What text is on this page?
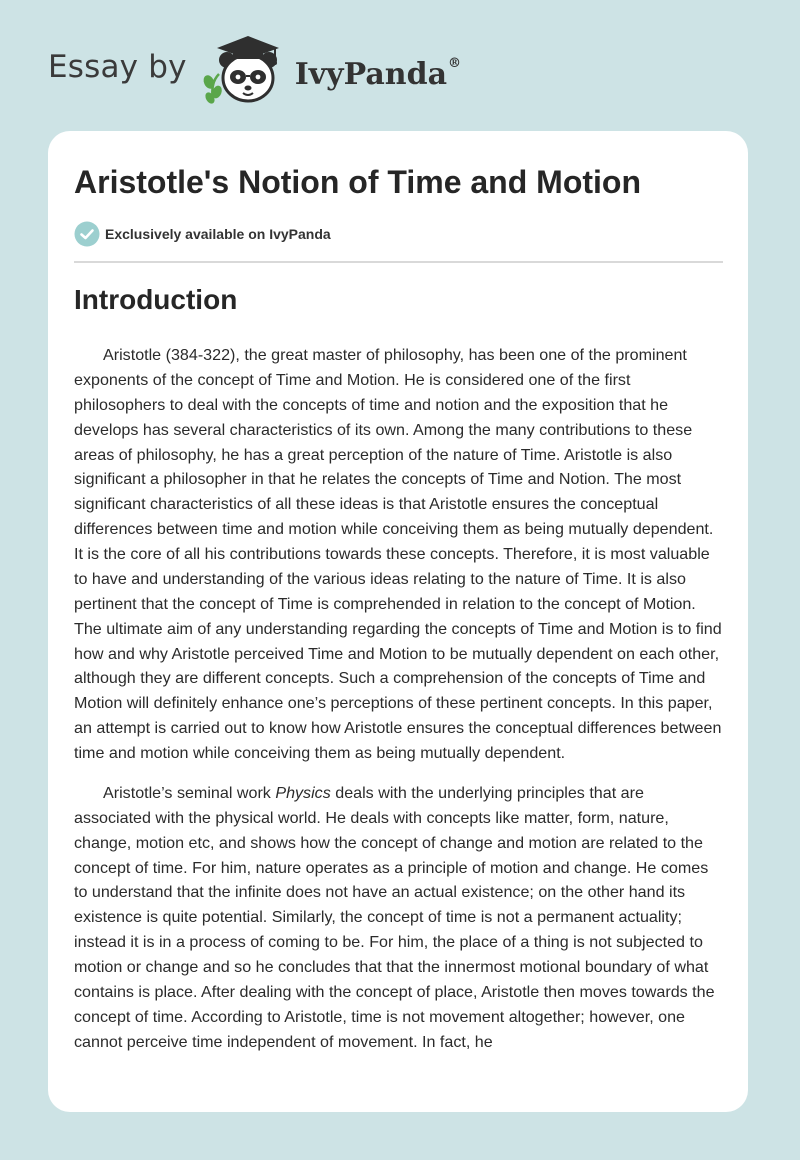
Essay by	IvyPanda®
Aristotle's Notion of Time and Motion
Exclusively available on IvyPanda
Introduction

Aristotle (384-322), the great master of philosophy, has been one of the prominent exponents of the concept of Time and Motion. He is considered one of the first philosophers to deal with the concepts of time and notion and the exposition that he develops has several characteristics of its own. Among the many contributions to these areas of philosophy, he has a great perception of the nature of Time. Aristotle is also significant a philosopher in that he relates the concepts of Time and Notion. The most significant characteristics of all these ideas is that Aristotle ensures the conceptual differences between time and motion while conceiving them as being mutually dependent. It is the core of all his contributions towards these concepts. Therefore, it is most valuable to have and understanding of the various ideas relating to the nature of Time. It is also pertinent that the concept of Time is comprehended in relation to the concept of Motion. The ultimate aim of any understanding regarding the concepts of Time and Motion is to find how and why Aristotle perceived Time and Motion to be mutually dependent on each other, although they are different concepts. Such a comprehension of the concepts of Time and Motion will definitely enhance one’s perceptions of these pertinent concepts. In this paper, an attempt is carried out to know how Aristotle ensures the conceptual differences between time and motion while conceiving them as being mutually dependent.

Aristotle’s seminal work Physics deals with the underlying principles that are associated with the physical world. He deals with concepts like matter, form, nature, change, motion etc, and shows how the concept of change and motion are related to the concept of time. For him, nature operates as a principle of motion and change. He comes to understand that the infinite does not have an actual existence; on the other hand its existence is quite potential. Similarly, the concept of time is not a permanent actuality; instead it is in a process of coming to be. For him, the place of a thing is not subjected to motion or change and so he concludes that that the innermost motional boundary of what contains is place. After dealing with the concept of place, Aristotle then moves towards the concept of time. According to Aristotle, time is not movement altogether; however, one cannot perceive time independent of movement. In fact, he
